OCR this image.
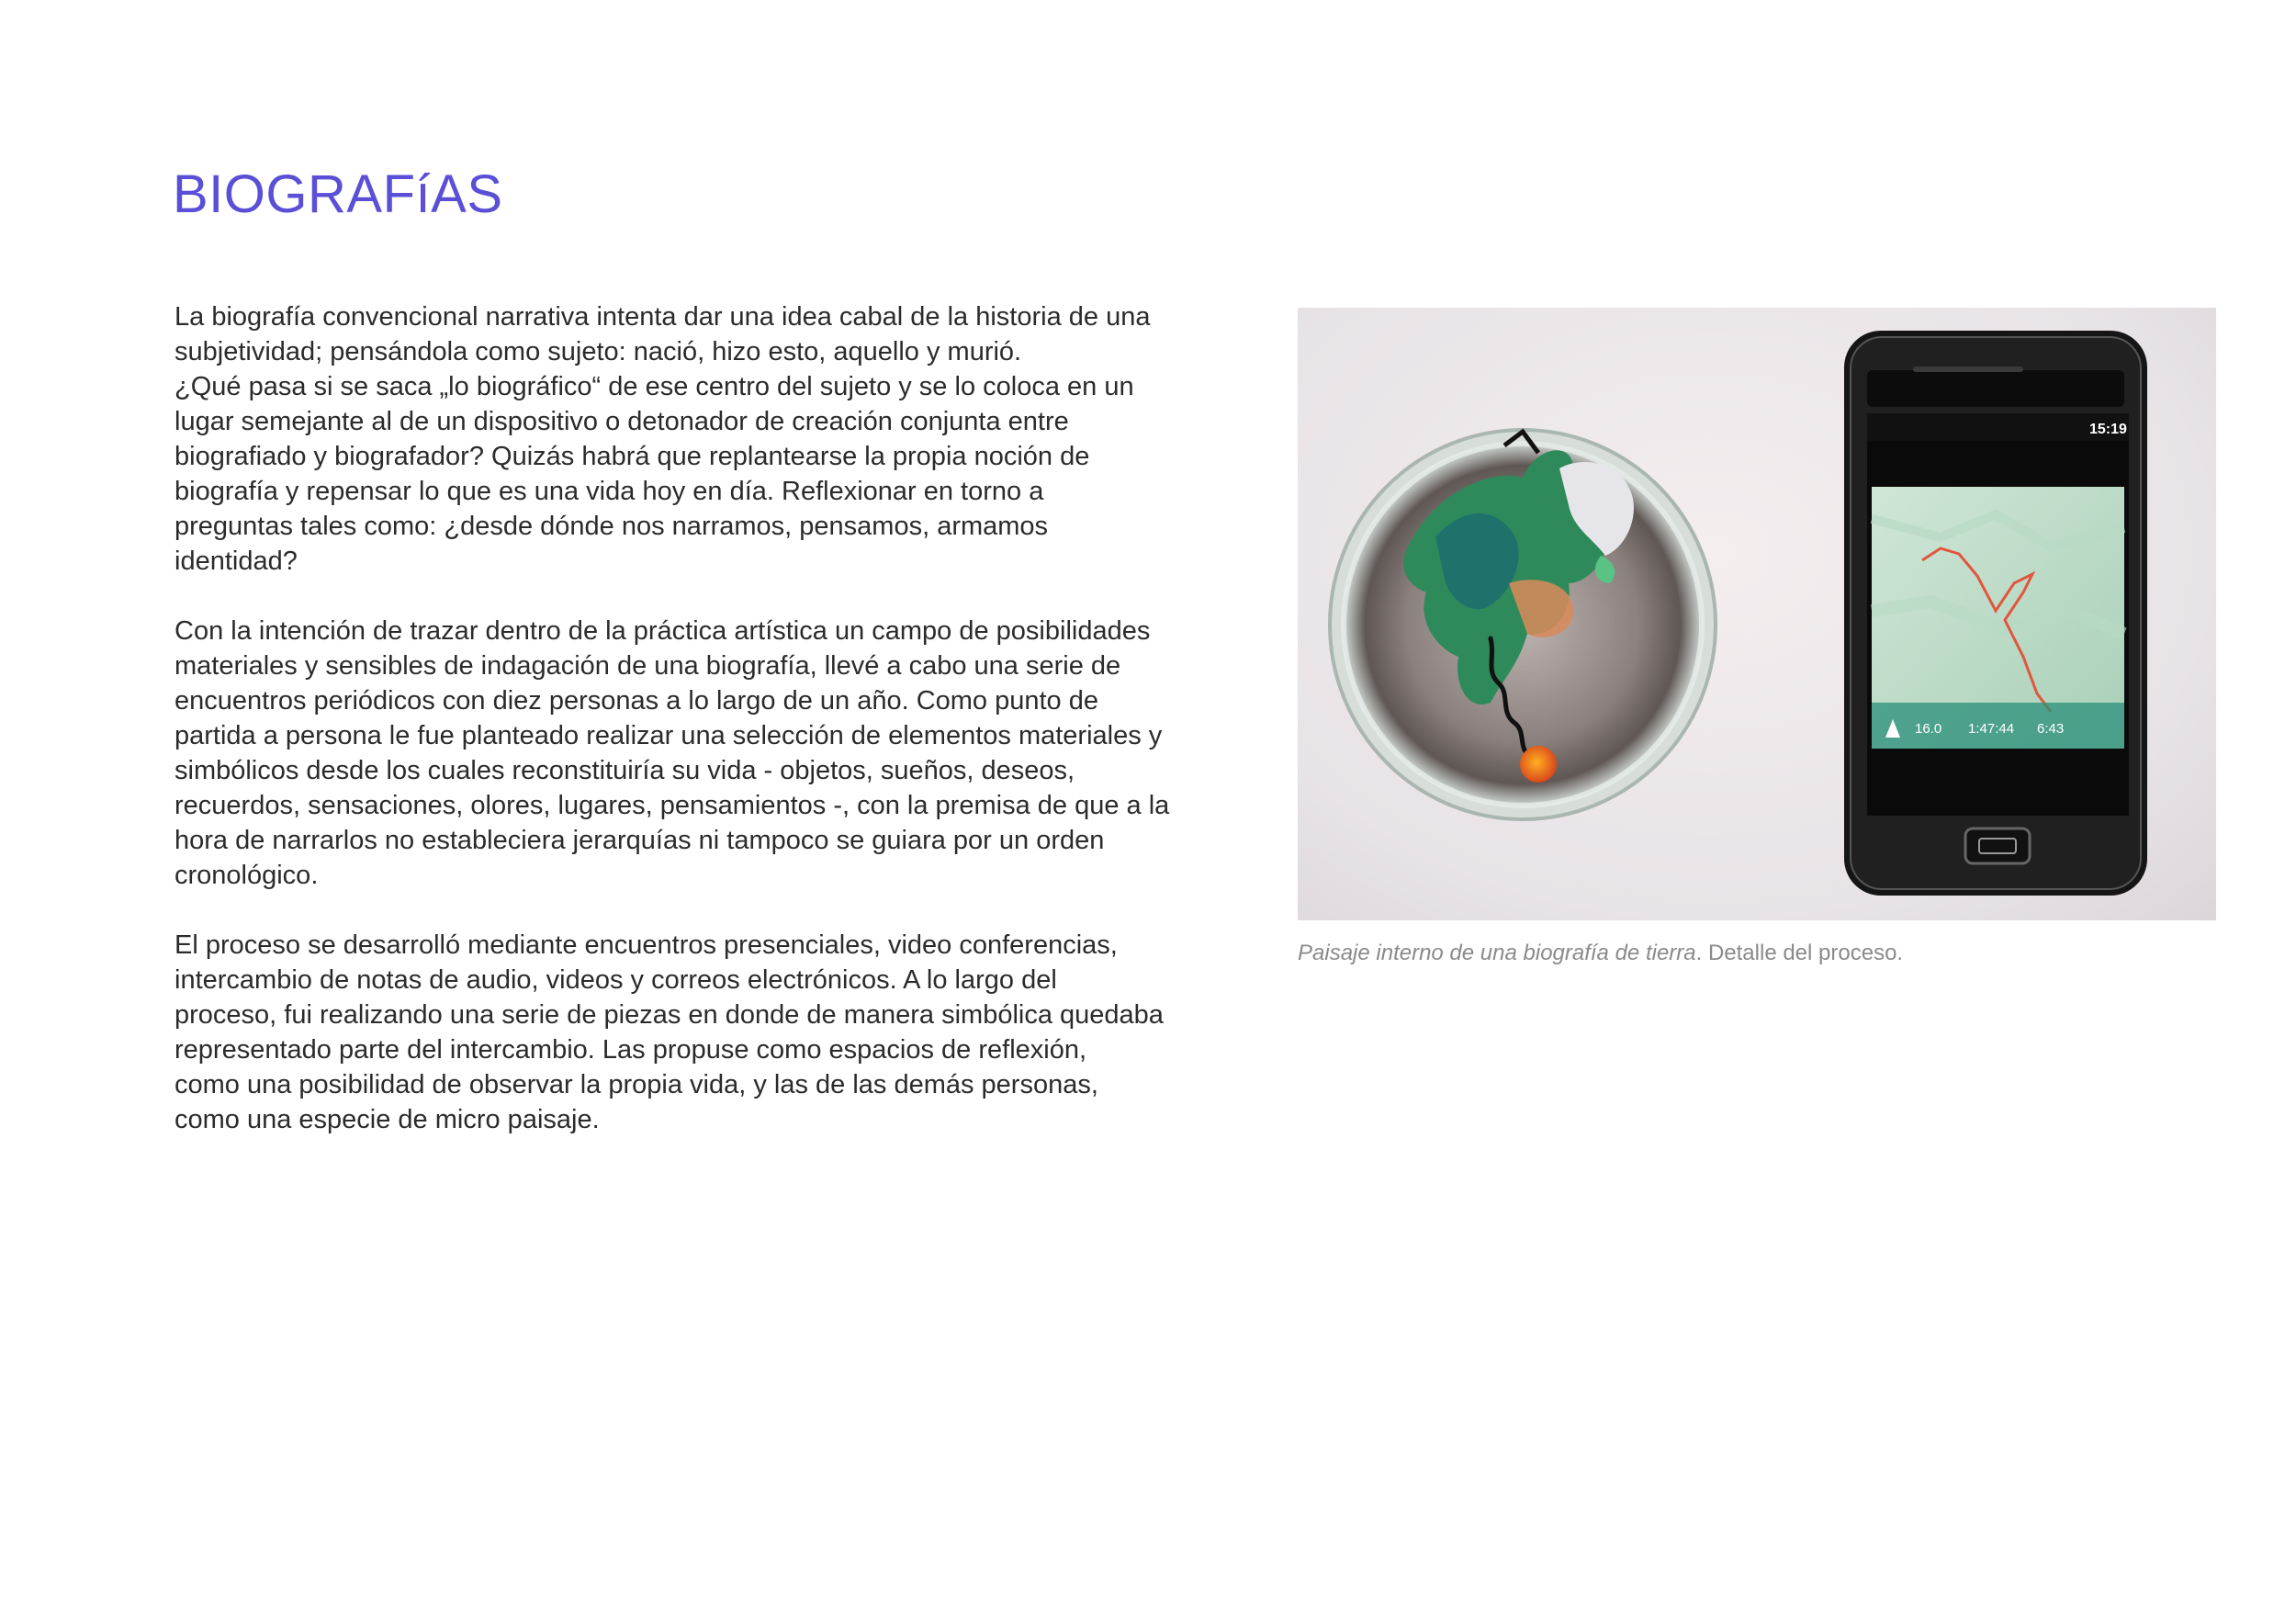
BIOGRAFíAS

La biografía convencional narrativa intenta dar una idea cabal de la historia de una
subjetividad; pensándola como sujeto: nació, hizo esto, aquello y murió.
¿Qué pasa si se saca „lo biográfico“ de ese centro del sujeto y se lo coloca en un
lugar semejante al de un dispositivo o detonador de creación conjunta entre
biografiado y biografador? Quizás habrá que replantearse la propia noción de
biografía y repensar lo que es una vida hoy en día. Reflexionar en torno a
preguntas tales como: ¿desde dónde nos narramos, pensamos, armamos
identidad?

Con la intención de trazar dentro de la práctica artística un campo de posibilidades
materiales y sensibles de indagación de una biografía, llevé a cabo una serie de
encuentros periódicos con diez personas a lo largo de un año. Como punto de
partida a persona le fue planteado realizar una selección de elementos materiales y
simbólicos desde los cuales reconstituiría su vida - objetos, sueños, deseos,
recuerdos, sensaciones, olores, lugares, pensamientos -, con la premisa de que a la
hora de narrarlos no estableciera jerarquías ni tampoco se guiara por un orden
cronológico.

El proceso se desarrolló mediante encuentros presenciales, video conferencias,
intercambio de notas de audio, videos y correos electrónicos. A lo largo del
proceso, fui realizando una serie de piezas en donde de manera simbólica quedaba
representado parte del intercambio. Las propuse como espacios de reflexión,
como una posibilidad de observar la propia vida, y las de las demás personas,
como una especie de micro paisaje.

15:19
16.0 1:47:44 6:43
Paisaje interno de una biografía de tierra. Detalle del proceso.
